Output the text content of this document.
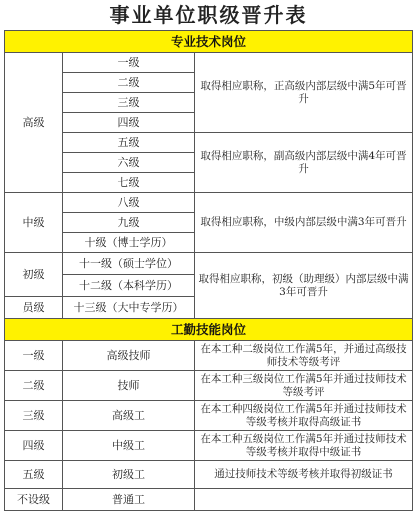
事业单位职级晋升表
专业技术岗位		
高级	一级	取得相应职称，正高级内部层级中满5年可晋升
	二级	
	三级	
	四级	
	五级	取得相应职称，副高级内部层级中满4年可晋升
	六级	
	七级	
中级	八级	取得相应职称，中级内部层级中满3年可晋升
	九级	
	十级（博士学历）	
初级	十一级（硕士学位）	取得相应职称，初级（助理级）内部层级中满3年可晋升
	十二级（本科学历）	
员级	十三级（大中专学历）	
工勤技能岗位		
一级	高级技师	在本工种二级岗位工作满5年，并通过高级技师技术等级考评
二级	技师	在本工种三级岗位工作满5年并通过技师技术等级考评
三级	高级工	在本工种四级岗位工作满5年并通过技师技术等级考核并取得高级证书
四级	中级工	在本工种五级岗位工作满5年并通过技师技术等级考核并取得中级证书
五级	初级工	通过技师技术等级考核并取得初级证书
不设级	普通工	
